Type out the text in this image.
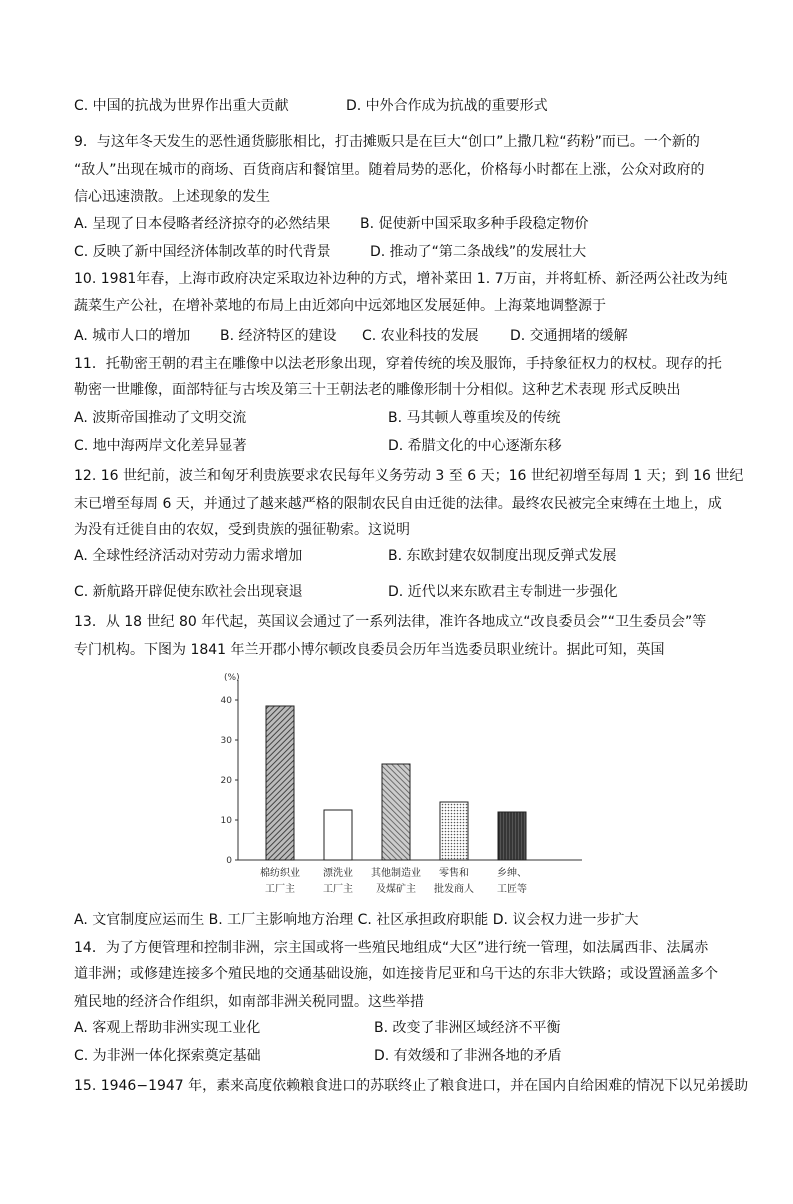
C. 中国的抗战为世界作出重大贡献	D. 中外合作成为抗战的重要形式
9．与这年冬天发生的恶性通货膨胀相比，打击摊贩只是在巨大“创口”上撒几粒“药粉”而已。一个新的
“敌人”出现在城市的商场、百货商店和餐馆里。随着局势的恶化，价格每小时都在上涨，公众对政府的
信心迅速溃散。上述现象的发生
A. 呈现了日本侵略者经济掠夺的必然结果 B. 促使新中国采取多种手段稳定物价
C. 反映了新中国经济体制改革的时代背景	D. 推动了“第二条战线”的发展壮大
10. 1981年春，上海市政府决定采取边补边种的方式，增补菜田 1. 7万亩，并将虹桥、新泾两公社改为纯
蔬菜生产公社，在增补菜地的布局上由近郊向中远郊地区发展延伸。上海菜地调整源于
A. 城市人口的增加 B. 经济特区的建设 C. 农业科技的发展 D. 交通拥堵的缓解
11．托勒密王朝的君主在雕像中以法老形象出现，穿着传统的埃及服饰，手持象征权力的权杖。现存的托
勒密一世雕像，面部特征与古埃及第三十王朝法老的雕像形制十分相似。这种艺术表现 形式反映出
A. 波斯帝国推动了文明交流	B. 马其顿人尊重埃及的传统
C. 地中海两岸文化差异显著	D. 希腊文化的中心逐渐东移
12. 16 世纪前，波兰和匈牙利贵族要求农民每年义务劳动 3 至 6 天；16 世纪初增至每周 1 天；到 16 世纪
末已增至每周 6 天，并通过了越来越严格的限制农民自由迁徙的法律。最终农民被完全束缚在土地上，成
为没有迁徙自由的农奴，受到贵族的强征勒索。这说明
A. 全球性经济活动对劳动力需求增加	B. 东欧封建农奴制度出现反弹式发展
C. 新航路开辟促使东欧社会出现衰退	D. 近代以来东欧君主专制进一步强化
13．从 18 世纪 80 年代起，英国议会通过了一系列法律，准许各地成立“改良委员会”“卫生委员会”等
专门机构。下图为 1841 年兰开郡小博尔顿改良委员会历年当选委员职业统计。据此可知，英国
(%)
0
10
20
30
40
棉纺织业
工厂主
漂洗业
工厂主
其他制造业
及煤矿主
零售和
批发商人
乡绅、
工匠等
A. 文官制度应运而生 B. 工厂主影响地方治理 C. 社区承担政府职能 D. 议会权力进一步扩大
14．为了方便管理和控制非洲，宗主国或将一些殖民地组成“大区”进行统一管理，如法属西非、法属赤
道非洲；或修建连接多个殖民地的交通基础设施，如连接肯尼亚和乌干达的东非大铁路；或设置涵盖多个
殖民地的经济合作组织，如南部非洲关税同盟。这些举措
A. 客观上帮助非洲实现工业化	B. 改变了非洲区域经济不平衡
C. 为非洲一体化探索奠定基础	D. 有效缓和了非洲各地的矛盾
15. 1946−1947 年，素来高度依赖粮食进口的苏联终止了粮食进口，并在国内自给困难的情况下以兄弟援助
